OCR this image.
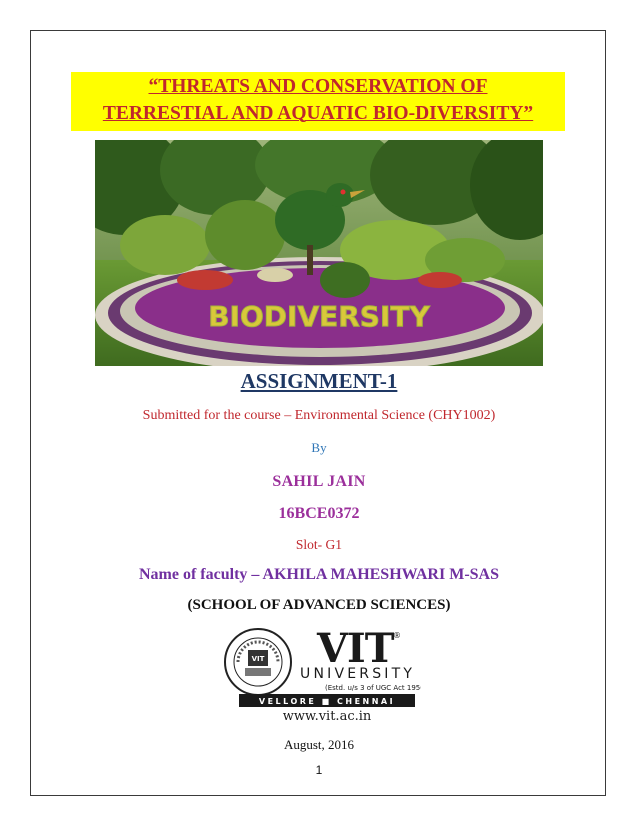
“THREATS AND CONSERVATION OF
TERRESTIAL AND AQUATIC BIO-DIVERSITY”
BIODIVERSITY
ASSIGNMENT-1
Submitted for the course – Environmental Science (CHY1002)
By
SAHIL JAIN
16BCE0372
Slot- G1
Name of faculty – AKHILA MAHESHWARI M-SAS
(SCHOOL OF ADVANCED SCIENCES)
VIT VIT ®
UNIVERSITY
(Estd. u/s 3 of UGC Act 1956)
VELLORE ■ CHENNAI
www.vit.ac.in
August, 2016
1
